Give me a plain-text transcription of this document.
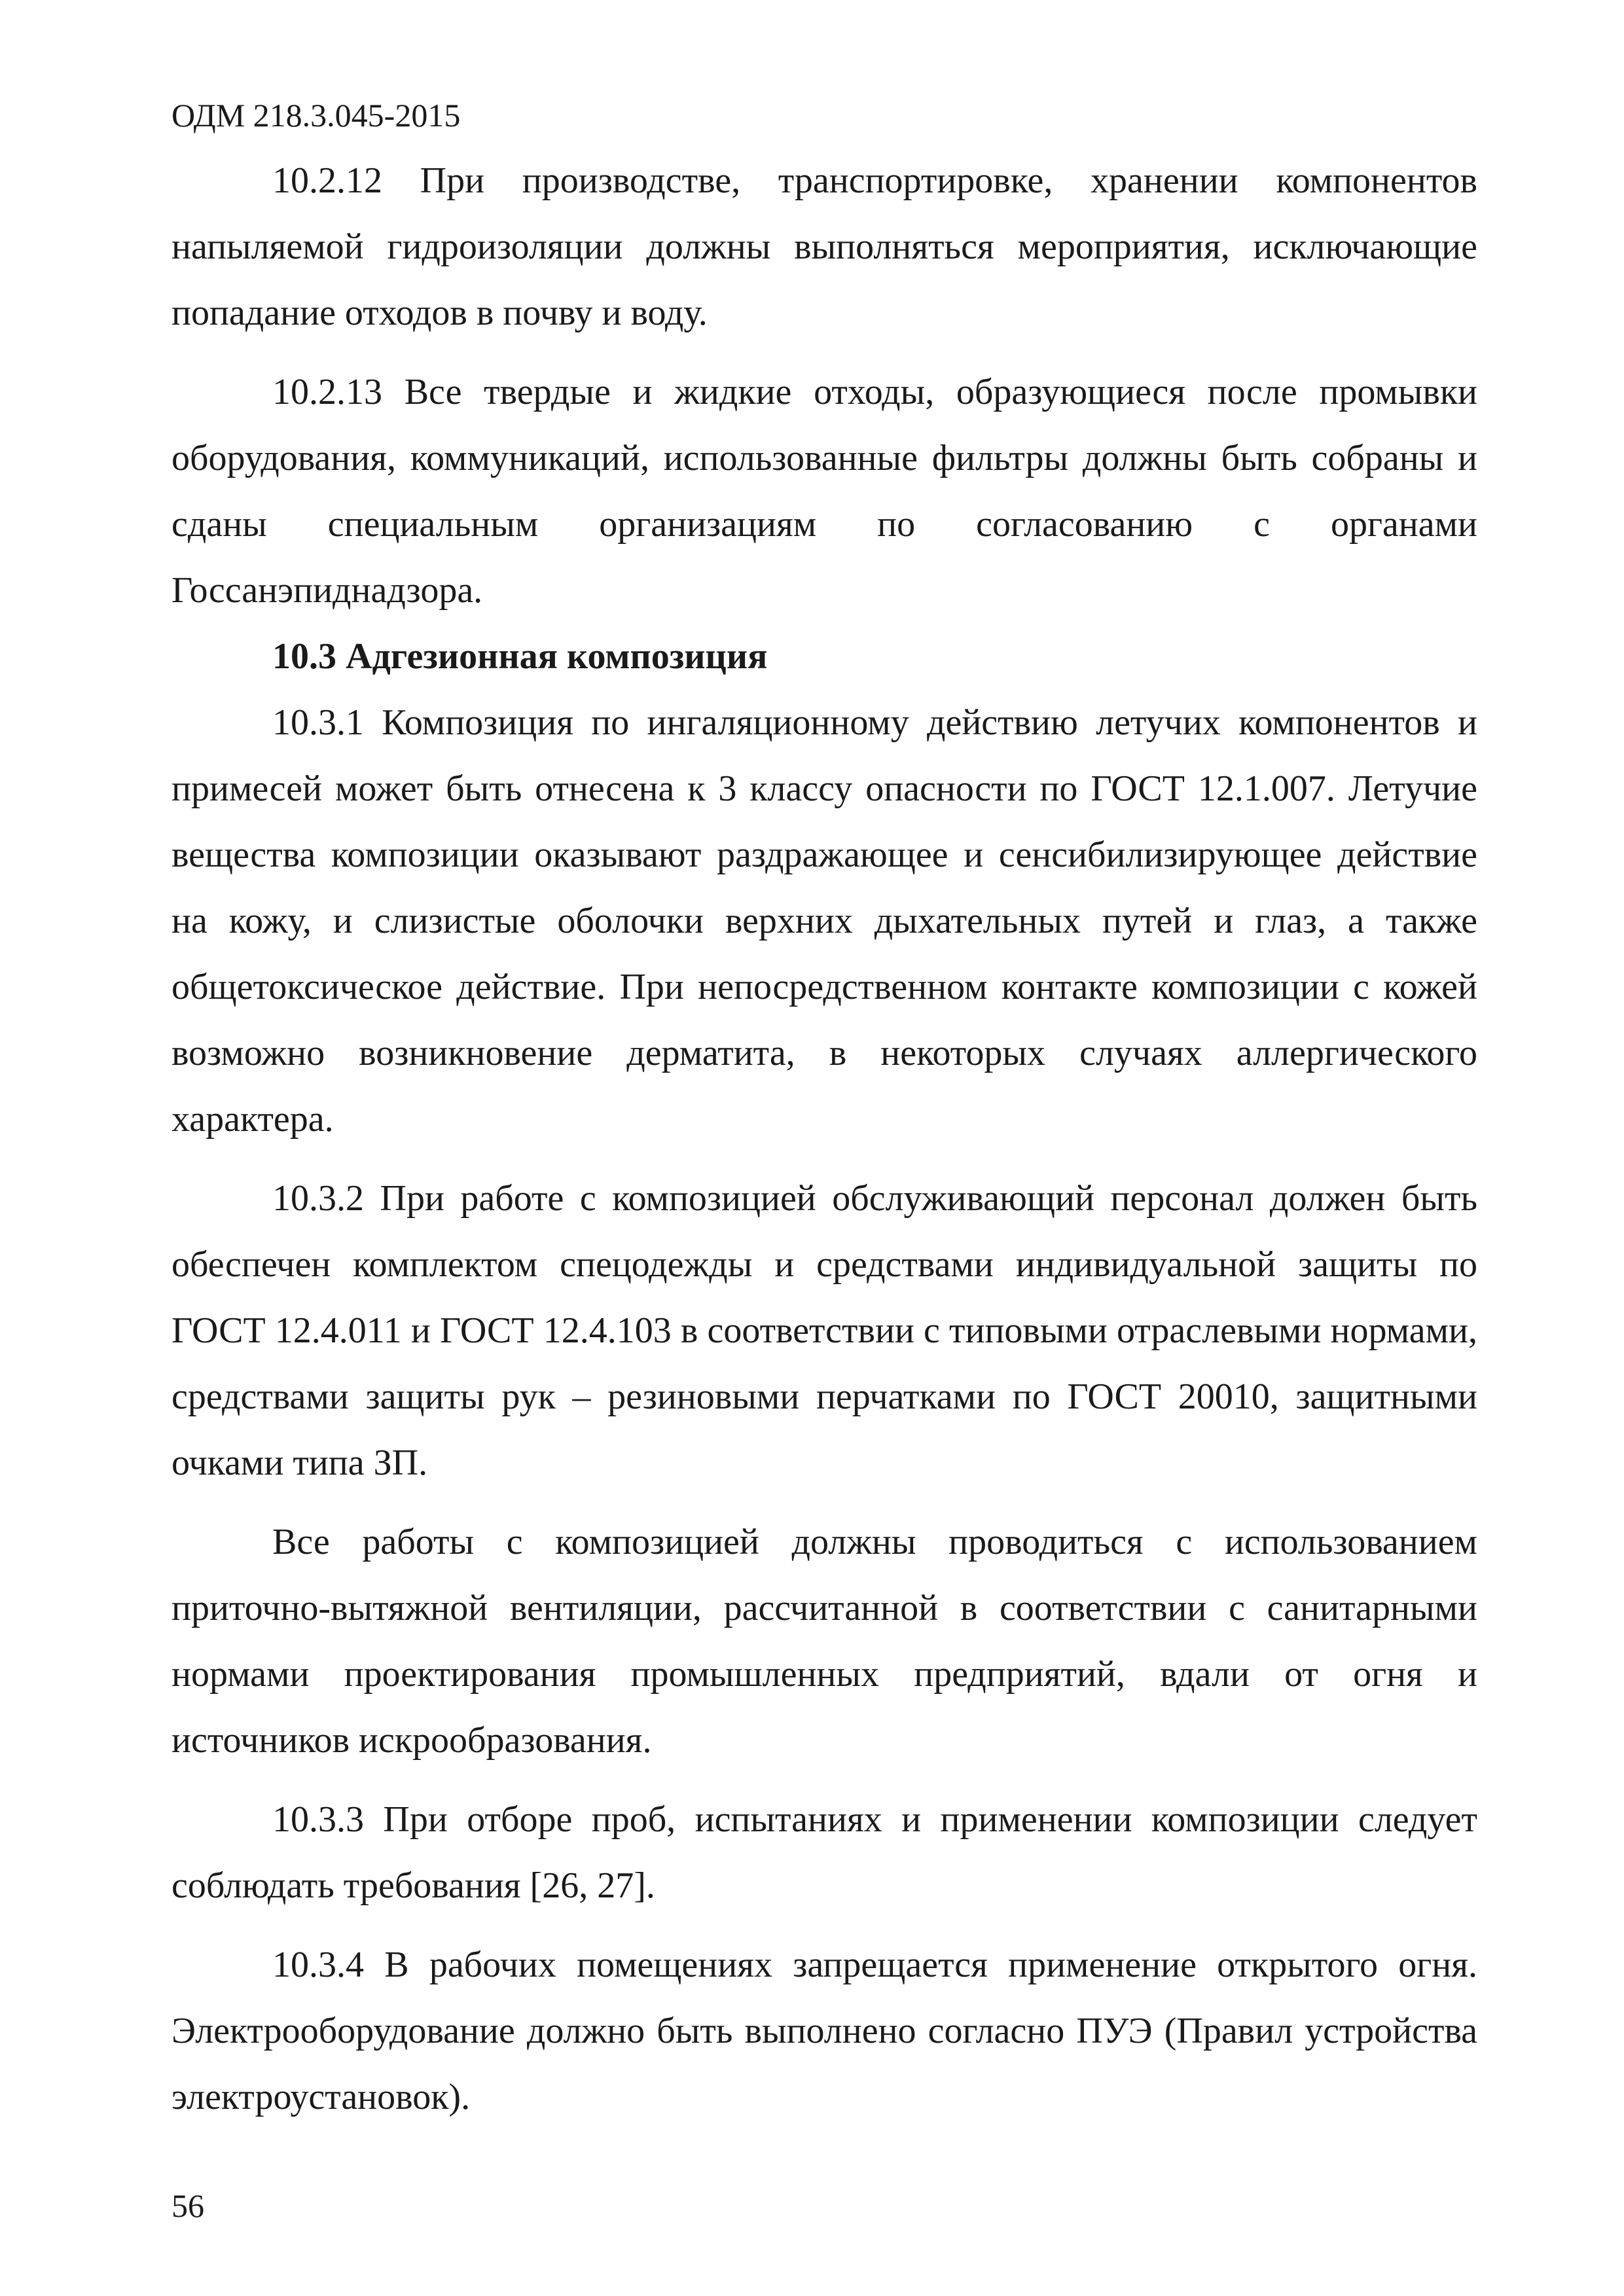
ОДМ 218.3.045-2015

10.2.12 При производстве, транспортировке, хранении компонентов напыляемой гидроизоляции должны выполняться мероприятия, исключающие попадание отходов в почву и воду.

10.2.13 Все твердые и жидкие отходы, образующиеся после промывки оборудования, коммуникаций, использованные фильтры должны быть собраны и сданы специальным организациям по согласованию с органами Госсанэпиднадзора.

10.3 Адгезионная композиция

10.3.1 Композиция по ингаляционному действию летучих компонентов и примесей может быть отнесена к 3 классу опасности по ГОСТ 12.1.007. Летучие вещества композиции оказывают раздражающее и сенсибилизирующее действие на кожу, и слизистые оболочки верхних дыхательных путей и глаз, а также общетоксическое действие. При непосредственном контакте композиции с кожей возможно возникновение дерматита, в некоторых случаях аллергического характера.

10.3.2 При работе с композицией обслуживающий персонал должен быть обеспечен комплектом спецодежды и средствами индивидуальной защиты по ГОСТ 12.4.011 и ГОСТ 12.4.103 в соответствии с типовыми отраслевыми нормами, средствами защиты рук – резиновыми перчатками по ГОСТ 20010, защитными очками типа ЗП.

Все работы с композицией должны проводиться с использованием приточно-вытяжной вентиляции, рассчитанной в соответствии с санитарными нормами проектирования промышленных предприятий, вдали от огня и источников искрообразования.

10.3.3 При отборе проб, испытаниях и применении композиции следует соблюдать требования [26, 27].

10.3.4 В рабочих помещениях запрещается применение открытого огня. Электрооборудование должно быть выполнено согласно ПУЭ (Правил устройства электроустановок).

56
